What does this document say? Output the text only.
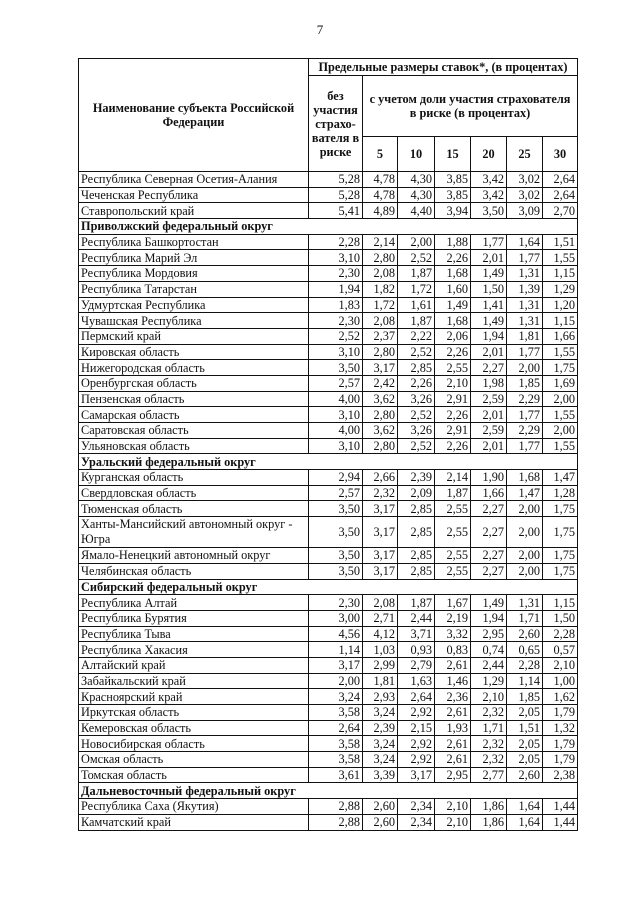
7
Наименование субъекта Российской Федерации	Предельные размеры ставок*, (в процентах)						
	без участия страхо-вателя в риске	с учетом доли участия страхователя в риске (в процентах)					
		5	10	15	20	25	30
Республика Северная Осетия-Алания	5,28	4,78	4,30	3,85	3,42	3,02	2,64
Чеченская Республика	5,28	4,78	4,30	3,85	3,42	3,02	2,64
Ставропольский край	5,41	4,89	4,40	3,94	3,50	3,09	2,70
Приволжский федеральный округ							
Республика Башкортостан	2,28	2,14	2,00	1,88	1,77	1,64	1,51
Республика Марий Эл	3,10	2,80	2,52	2,26	2,01	1,77	1,55
Республика Мордовия	2,30	2,08	1,87	1,68	1,49	1,31	1,15
Республика Татарстан	1,94	1,82	1,72	1,60	1,50	1,39	1,29
Удмуртская Республика	1,83	1,72	1,61	1,49	1,41	1,31	1,20
Чувашская Республика	2,30	2,08	1,87	1,68	1,49	1,31	1,15
Пермский край	2,52	2,37	2,22	2,06	1,94	1,81	1,66
Кировская область	3,10	2,80	2,52	2,26	2,01	1,77	1,55
Нижегородская область	3,50	3,17	2,85	2,55	2,27	2,00	1,75
Оренбургская область	2,57	2,42	2,26	2,10	1,98	1,85	1,69
Пензенская область	4,00	3,62	3,26	2,91	2,59	2,29	2,00
Самарская область	3,10	2,80	2,52	2,26	2,01	1,77	1,55
Саратовская область	4,00	3,62	3,26	2,91	2,59	2,29	2,00
Ульяновская область	3,10	2,80	2,52	2,26	2,01	1,77	1,55
Уральский федеральный округ							
Курганская область	2,94	2,66	2,39	2,14	1,90	1,68	1,47
Свердловская область	2,57	2,32	2,09	1,87	1,66	1,47	1,28
Тюменская область	3,50	3,17	2,85	2,55	2,27	2,00	1,75
Ханты-Мансийский автономный округ - Югра	3,50	3,17	2,85	2,55	2,27	2,00	1,75
Ямало-Ненецкий автономный округ	3,50	3,17	2,85	2,55	2,27	2,00	1,75
Челябинская область	3,50	3,17	2,85	2,55	2,27	2,00	1,75
Сибирский федеральный округ							
Республика Алтай	2,30	2,08	1,87	1,67	1,49	1,31	1,15
Республика Бурятия	3,00	2,71	2,44	2,19	1,94	1,71	1,50
Республика Тыва	4,56	4,12	3,71	3,32	2,95	2,60	2,28
Республика Хакасия	1,14	1,03	0,93	0,83	0,74	0,65	0,57
Алтайский край	3,17	2,99	2,79	2,61	2,44	2,28	2,10
Забайкальский край	2,00	1,81	1,63	1,46	1,29	1,14	1,00
Красноярский край	3,24	2,93	2,64	2,36	2,10	1,85	1,62
Иркутская область	3,58	3,24	2,92	2,61	2,32	2,05	1,79
Кемеровская область	2,64	2,39	2,15	1,93	1,71	1,51	1,32
Новосибирская область	3,58	3,24	2,92	2,61	2,32	2,05	1,79
Омская область	3,58	3,24	2,92	2,61	2,32	2,05	1,79
Томская область	3,61	3,39	3,17	2,95	2,77	2,60	2,38
Дальневосточный федеральный округ							
Республика Саха (Якутия)	2,88	2,60	2,34	2,10	1,86	1,64	1,44
Камчатский край	2,88	2,60	2,34	2,10	1,86	1,64	1,44
